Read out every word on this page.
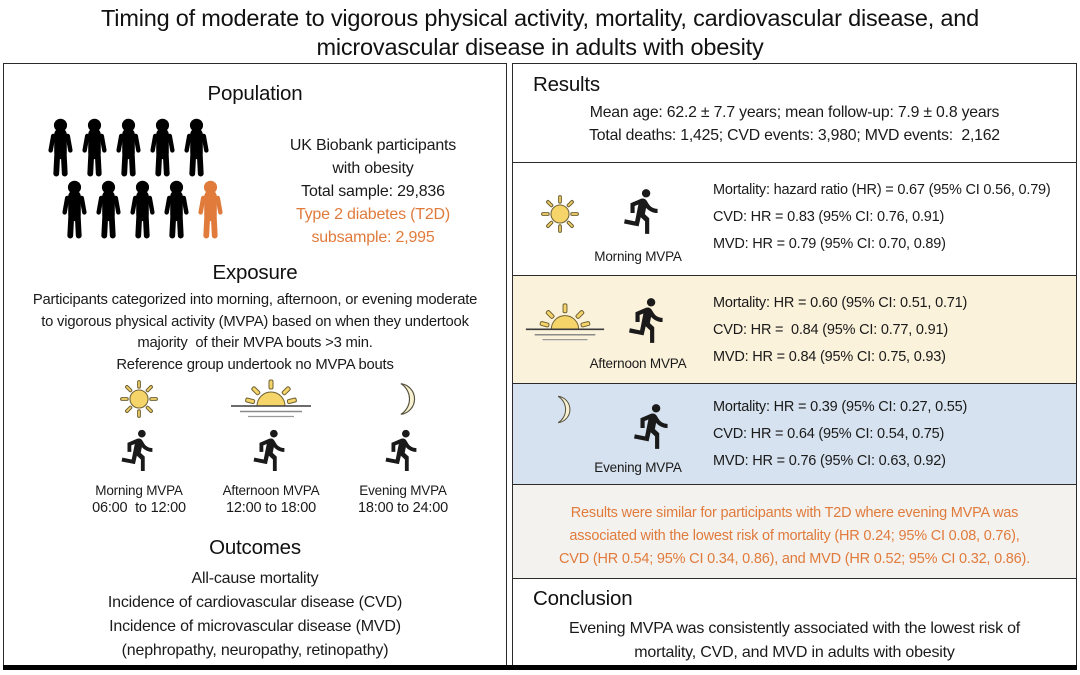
Timing of moderate to vigorous physical activity, mortality, cardiovascular disease, and
microvascular disease in adults with obesity
Population
UK Biobank participants
with obesity
Total sample: 29,836
Type 2 diabetes (T2D)
subsample: 2,995
Exposure
Participants categorized into morning, afternoon, or evening moderate
to vigorous physical activity (MVPA) based on when they undertook
majority  of their MVPA bouts >3 min.
Reference group undertook no MVPA bouts
Morning MVPA
06:00  to 12:00
Afternoon MVPA
12:00 to 18:00
Evening MVPA
18:00 to 24:00
Outcomes
All-cause mortality
Incidence of cardiovascular disease (CVD)
Incidence of microvascular disease (MVD)
(nephropathy, neuropathy, retinopathy)
Results
Mean age: 62.2 ± 7.7 years; mean follow-up: 7.9 ± 0.8 years
Total deaths: 1,425; CVD events: 3,980; MVD events:  2,162
Morning MVPA
Mortality: hazard ratio (HR) = 0.67 (95% CI 0.56, 0.79)
CVD: HR = 0.83 (95% CI: 0.76, 0.91)
MVD: HR = 0.79 (95% CI: 0.70, 0.89)
Afternoon MVPA
Mortality: HR = 0.60 (95% CI: 0.51, 0.71)
CVD: HR =  0.84 (95% CI: 0.77, 0.91)
MVD: HR = 0.84 (95% CI: 0.75, 0.93)
Evening MVPA
Mortality: HR = 0.39 (95% CI: 0.27, 0.55)
CVD: HR = 0.64 (95% CI: 0.54, 0.75)
MVD: HR = 0.76 (95% CI: 0.63, 0.92)
Results were similar for participants with T2D where evening MVPA was
associated with the lowest risk of mortality (HR 0.24; 95% CI 0.08, 0.76),
CVD (HR 0.54; 95% CI 0.34, 0.86), and MVD (HR 0.52; 95% CI 0.32, 0.86).
Conclusion
Evening MVPA was consistently associated with the lowest risk of
mortality, CVD, and MVD in adults with obesity
